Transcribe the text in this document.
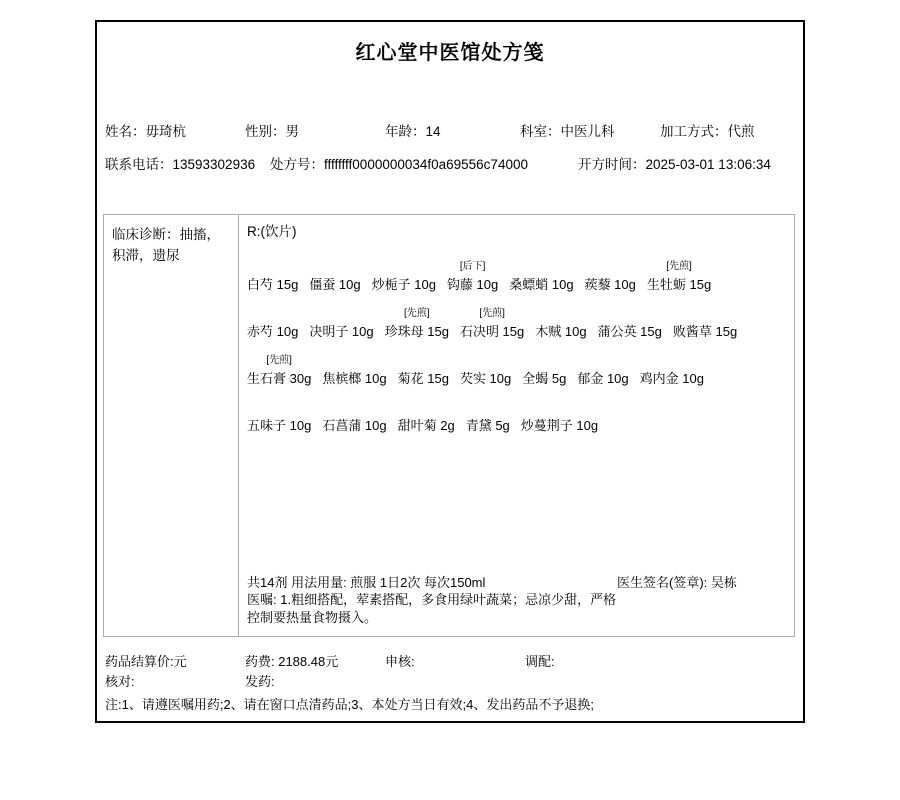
红心堂中医馆处方笺
姓名：毋琦杭	性别：男	年龄：14	科室：中医儿科	加工方式：代煎
联系电话：13593302936 处方号：ffffffff0000000034f0a69556c74000	开方时间：2025-03-01 13:06:34
临床诊断：抽搐，积滞，遗尿
R:(饮片)

白芍 15g
僵蚕 10g
炒栀子 10g
[后下]
钩藤 10g
桑螵蛸 10g
蒺藜 10g
[先煎]
生牡蛎 15g

赤芍 10g
决明子 10g
[先煎]
珍珠母 15g
[先煎]
石决明 15g
木贼 10g
蒲公英 15g
败酱草 15g
[先煎]
生石膏 30g
焦槟榔 10g
菊花 15g
芡实 10g
全蝎 5g
郁金 10g
鸡内金 10g

五味子 10g
石菖蒲 10g
甜叶菊 2g
青黛 5g
炒蔓荆子 10g
共14剂 用法用量: 煎服 1日2次 每次150ml	医生签名(签章): 吴栋
医嘱: 1.粗细搭配，荤素搭配，多食用绿叶蔬菜；忌凉少甜，严格控制要热量食物摄入。
药品结算价:元	药费: 2188.48元	申核:	调配:
核对:	发药:
注:1、请遵医嘱用药;2、请在窗口点清药品;3、本处方当日有效;4、发出药品不予退换;
